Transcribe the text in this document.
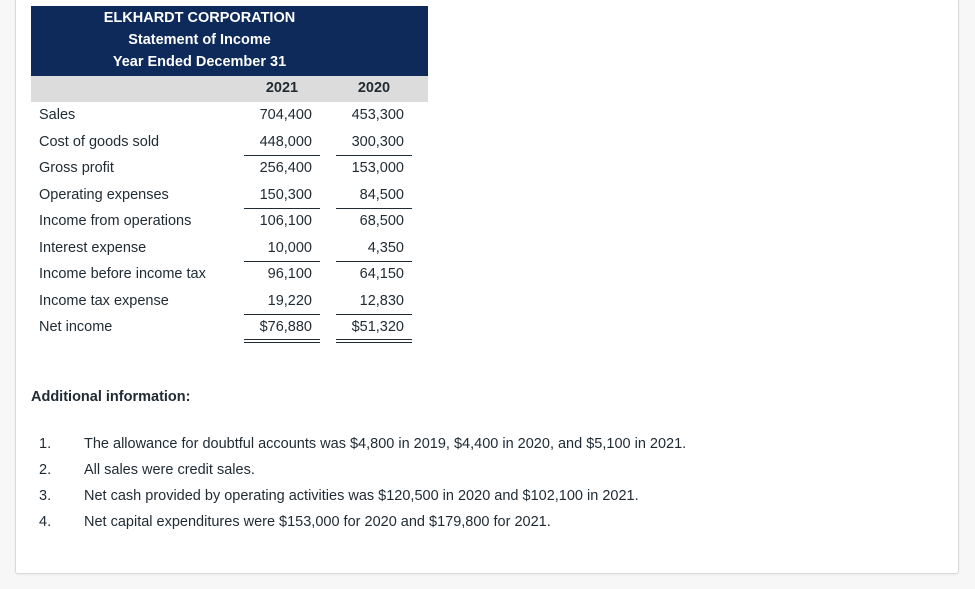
ELKHARDT CORPORATION
Statement of Income
Year Ended December 31
2021	2020
Sales	704,400	453,300
Cost of goods sold	448,000	300,300
Gross profit	256,400	153,000
Operating expenses	150,300	84,500
Income from operations	106,100	68,500
Interest expense	10,000	4,350
Income before income tax	96,100	64,150
Income tax expense	19,220	12,830
Net income	$76,880	$51,320
Additional information:
1. The allowance for doubtful accounts was $4,800 in 2019, $4,400 in 2020, and $5,100 in 2021.
2. All sales were credit sales.
3. Net cash provided by operating activities was $120,500 in 2020 and $102,100 in 2021.
4. Net capital expenditures were $153,000 for 2020 and $179,800 for 2021.
